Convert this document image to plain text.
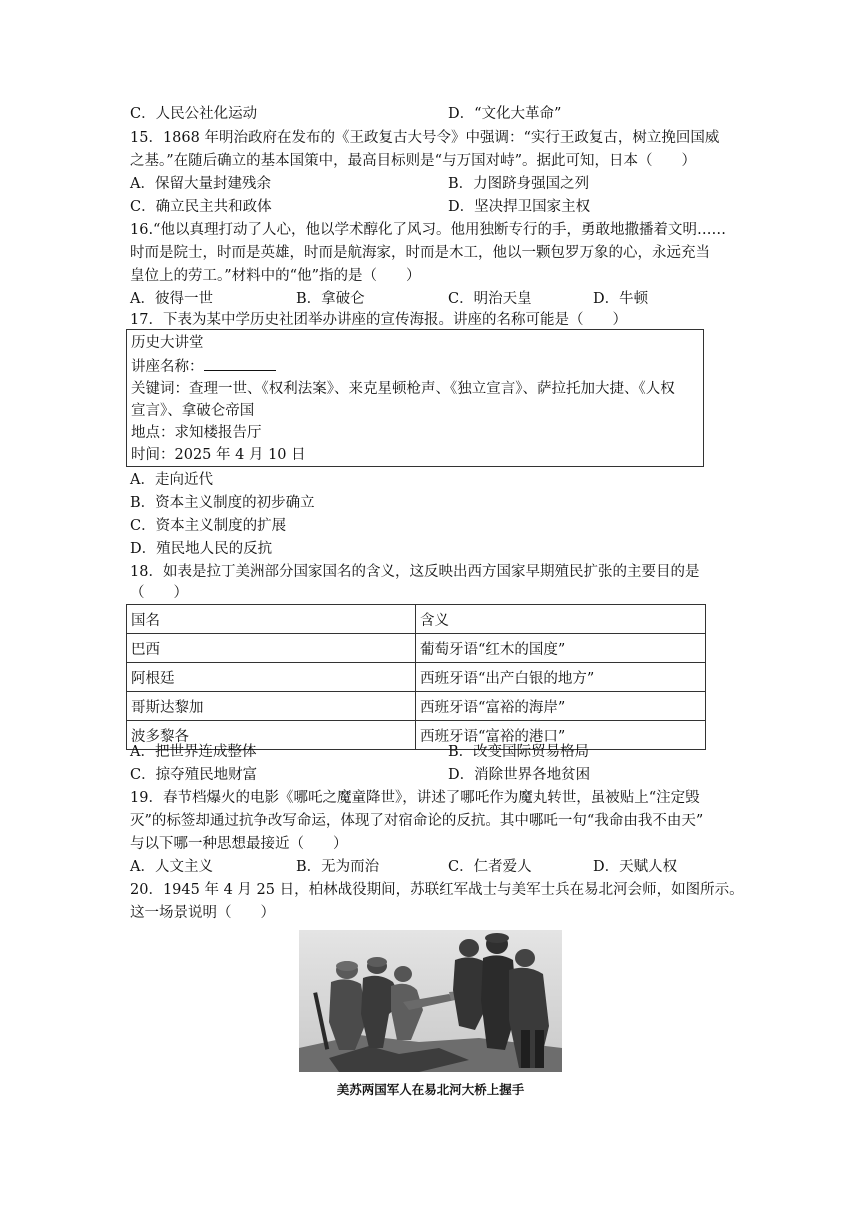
C．人民公社化运动	D．“文化大革命”
15．1868 年明治政府在发布的《王政复古大号令》中强调：“实行王政复古，树立挽回国威
之基。”在随后确立的基本国策中，最高目标则是“与万国对峙”。据此可知，日本（　　）
A．保留大量封建残余	B．力图跻身强国之列
C．确立民主共和政体	D．坚决捍卫国家主权
16.“他以真理打动了人心，他以学术醇化了风习。他用独断专行的手，勇敢地撒播着文明……
时而是院士，时而是英雄，时而是航海家，时而是木工，他以一颗包罗万象的心，永远充当
皇位上的劳工。”材料中的“他”指的是（　　）
A．彼得一世	B．拿破仑	C．明治天皇	D．牛顿
17．下表为某中学历史社团举办讲座的宣传海报。讲座的名称可能是（　　）
历史大讲堂
讲座名称：
关键词：查理一世、《权利法案》、来克星顿枪声、《独立宣言》、萨拉托加大捷、《人权
宣言》、拿破仑帝国
地点：求知楼报告厅
时间：2025 年 4 月 10 日
A．走向近代
B．资本主义制度的初步确立
C．资本主义制度的扩展
D．殖民地人民的反抗
18．如表是拉丁美洲部分国家国名的含义，这反映出西方国家早期殖民扩张的主要目的是
（　　）
国名	含义
巴西	葡萄牙语“红木的国度”
阿根廷	西班牙语“出产白银的地方”
哥斯达黎加	西班牙语“富裕的海岸”
波多黎各	西班牙语“富裕的港口”
A．把世界连成整体	B．改变国际贸易格局
C．掠夺殖民地财富	D．消除世界各地贫困
19．春节档爆火的电影《哪吒之魔童降世》，讲述了哪吒作为魔丸转世，虽被贴上“注定毁
灭”的标签却通过抗争改写命运，体现了对宿命论的反抗。其中哪吒一句“我命由我不由天”
与以下哪一种思想最接近（　　）
A．人文主义	B．无为而治	C．仁者爱人	D．天赋人权
20．1945 年 4 月 25 日，柏林战役期间，苏联红军战士与美军士兵在易北河会师，如图所示。
这一场景说明（　　）
美苏两国军人在易北河大桥上握手
